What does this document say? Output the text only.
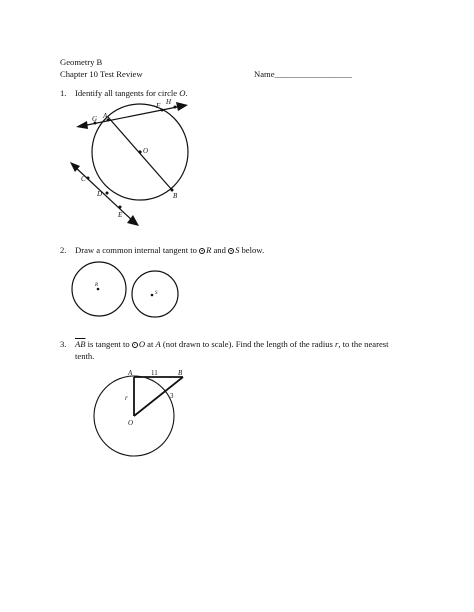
Geometry B
Chapter 10 Test Review	Name__________________
1. Identify all tangents for circle O.
G A
F H
O
C
D	B
E
2. Draw a common internal tangent to R and S below.
R
S
3. $\overline{AB}$ is tangent to O at A (not drawn to scale). Find the length of the radius r, to the nearest
tenth.
A	11	B
r	3
O
